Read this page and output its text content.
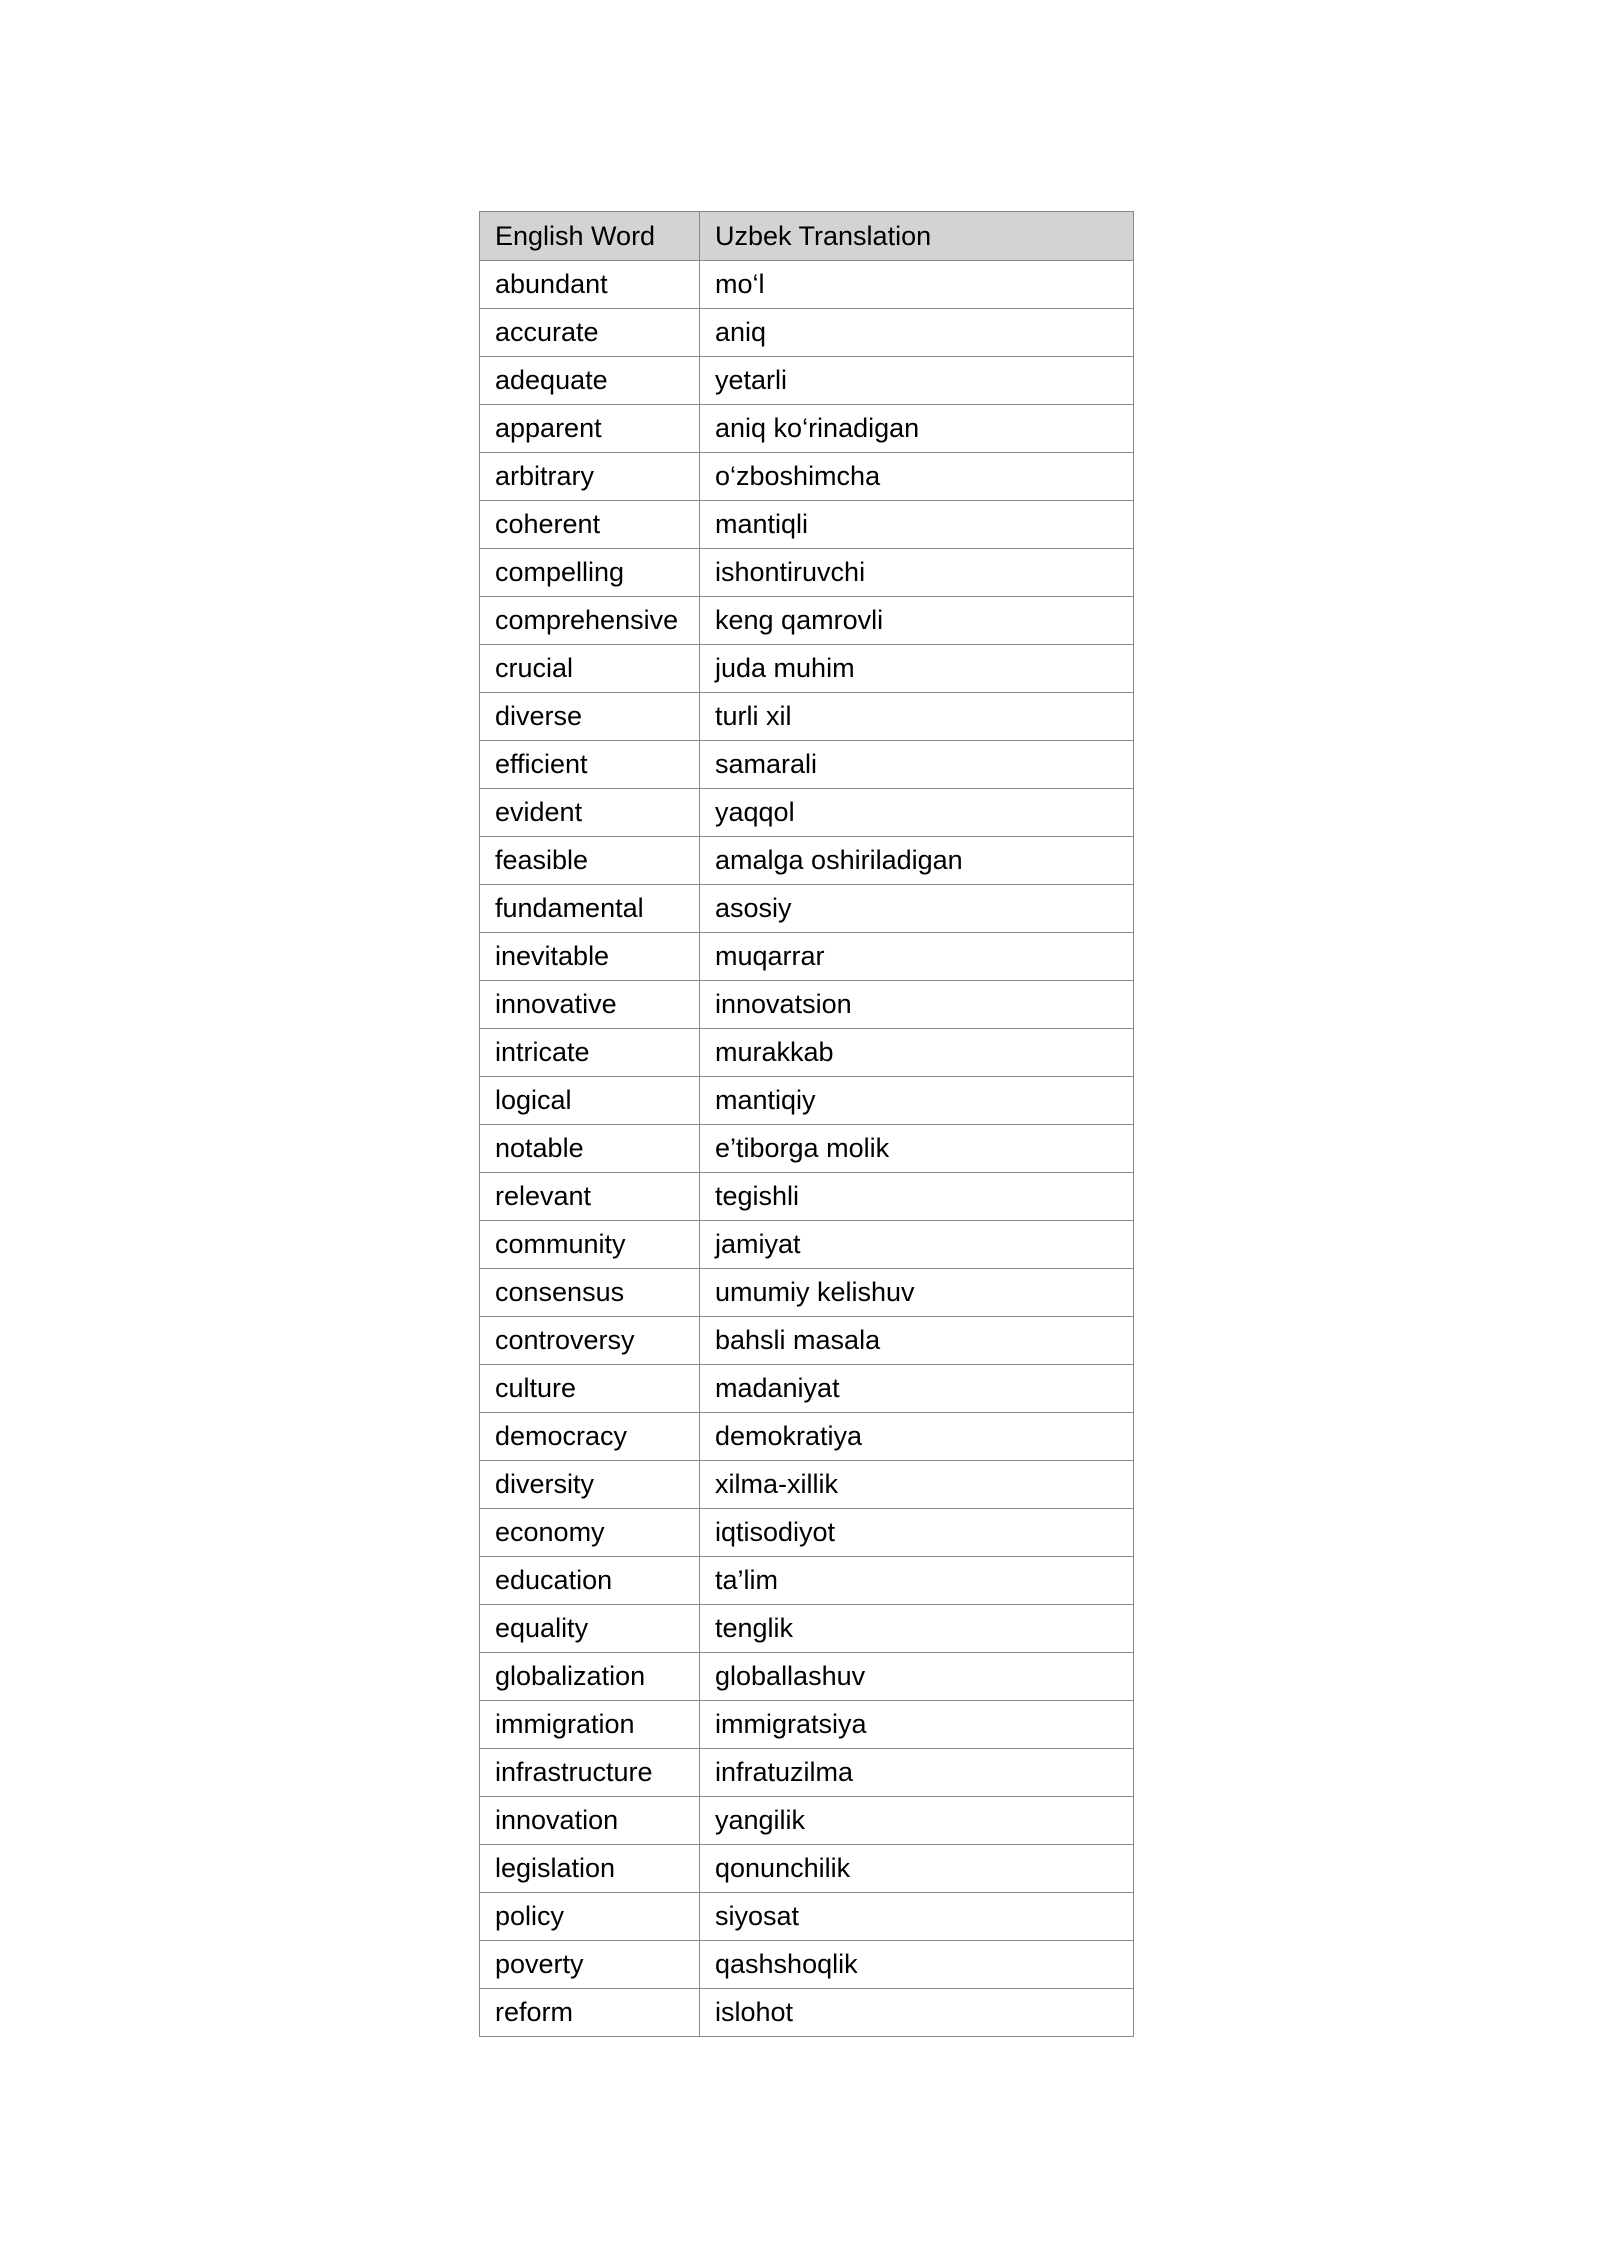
English Word	Uzbek Translation
abundant	mo‘l
accurate	aniq
adequate	yetarli
apparent	aniq ko‘rinadigan
arbitrary	o‘zboshimcha
coherent	mantiqli
compelling	ishontiruvchi
comprehensive	keng qamrovli
crucial	juda muhim
diverse	turli xil
efficient	samarali
evident	yaqqol
feasible	amalga oshiriladigan
fundamental	asosiy
inevitable	muqarrar
innovative	innovatsion
intricate	murakkab
logical	mantiqiy
notable	e’tiborga molik
relevant	tegishli
community	jamiyat
consensus	umumiy kelishuv
controversy	bahsli masala
culture	madaniyat
democracy	demokratiya
diversity	xilma-xillik
economy	iqtisodiyot
education	ta’lim
equality	tenglik
globalization	globallashuv
immigration	immigratsiya
infrastructure	infratuzilma
innovation	yangilik
legislation	qonunchilik
policy	siyosat
poverty	qashshoqlik
reform	islohot
